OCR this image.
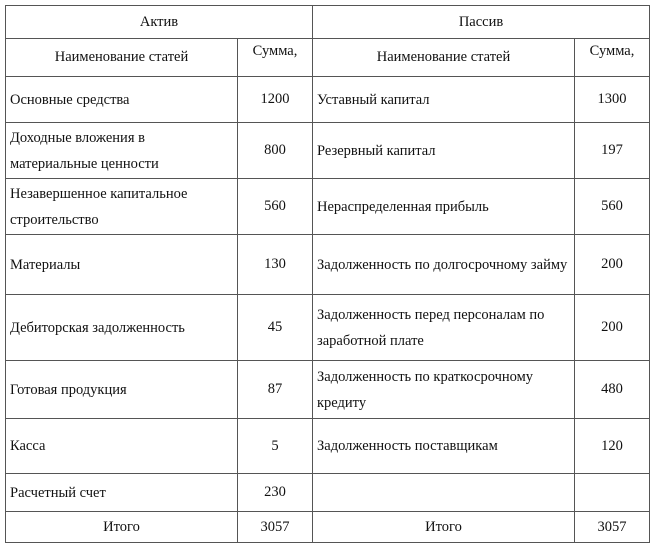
Актив		Пассив	
Наименование статей	Сумма,	Наименование статей	Сумма,
Основные средства	1200	Уставный капитал	1300
Доходные вложения в материальные ценности	800	Резервный капитал	197
Незавершенное капитальное строительство	560	Нераспределенная прибыль	560
Материалы	130	Задолженность по долгосрочному займу	200
Дебиторская задолженность	45	Задолженность перед персоналам по заработной плате	200
Готовая продукция	87	Задолженность по краткосрочному кредиту	480
Касса	5	Задолженность поставщикам	120
Расчетный счет	230		
Итого	3057	Итого	3057
